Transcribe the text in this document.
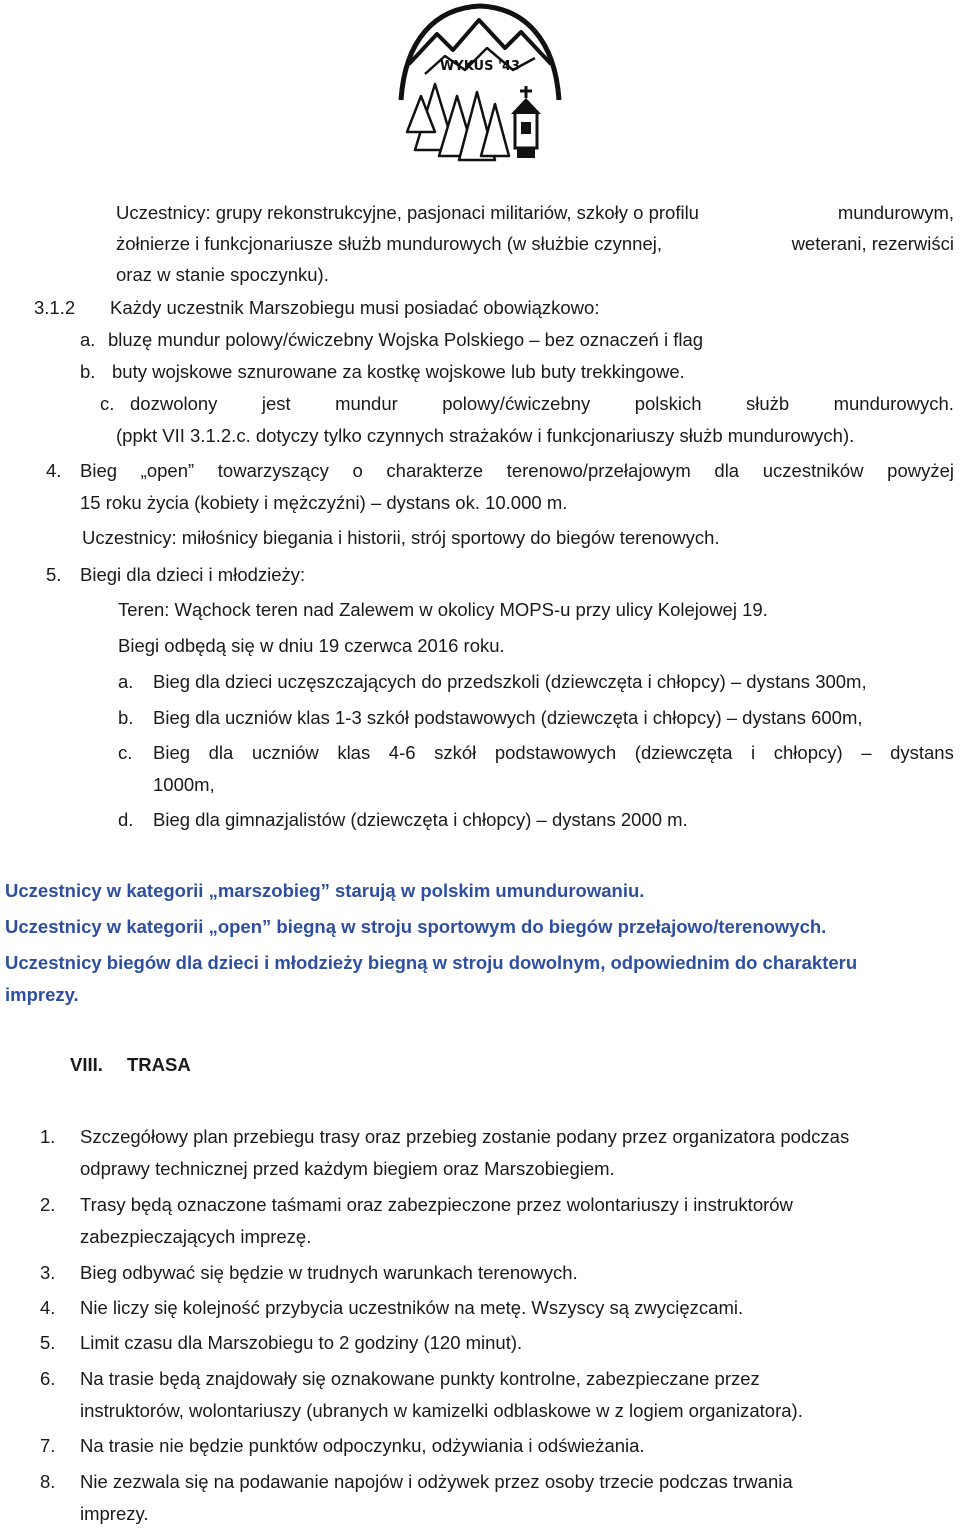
WYKUS '43
Uczestnicy: grupy rekonstrukcyjne, pasjonaci militariów, szkoły o profilu	mundurowym,
żołnierze i funkcjonariusze służb mundurowych (w służbie czynnej,	weterani, rezerwiści
oraz w stanie spoczynku).
3.1.2 Każdy uczestnik Marszobiegu musi posiadać obowiązkowo:
a. bluzę mundur polowy/ćwiczebny Wojska Polskiego – bez oznaczeń i flag
b. buty wojskowe sznurowane za kostkę wojskowe lub buty trekkingowe.
c. dozwolony jest mundur polowy/ćwiczebny polskich służb mundurowych.
(ppkt VII 3.1.2.c. dotyczy tylko czynnych strażaków i funkcjonariuszy służb mundurowych).
4. Bieg „open” towarzyszący o charakterze terenowo/przełajowym dla uczestników powyżej
15 roku życia (kobiety i mężczyźni) – dystans ok. 10.000 m.
Uczestnicy: miłośnicy biegania i historii, strój sportowy do biegów terenowych.
5. Biegi dla dzieci i młodzieży:
Teren: Wąchock teren nad Zalewem w okolicy MOPS-u przy ulicy Kolejowej 19.
Biegi odbędą się w dniu 19 czerwca 2016 roku.
a. Bieg dla dzieci uczęszczających do przedszkoli (dziewczęta i chłopcy) – dystans 300m,
b. Bieg dla uczniów klas 1-3 szkół podstawowych (dziewczęta i chłopcy) – dystans 600m,
c. Bieg dla uczniów klas 4-6 szkół podstawowych (dziewczęta i chłopcy) – dystans
1000m,
d. Bieg dla gimnazjalistów (dziewczęta i chłopcy) – dystans 2000 m.
Uczestnicy w kategorii „marszobieg” starują w polskim umundurowaniu.
Uczestnicy w kategorii „open” biegną w stroju sportowym do biegów przełajowo/terenowych.
Uczestnicy biegów dla dzieci i młodzieży biegną w stroju dowolnym, odpowiednim do charakteru
imprezy.
VIII. TRASA
1. Szczegółowy plan przebiegu trasy oraz przebieg zostanie podany przez organizatora podczas
odprawy technicznej przed każdym biegiem oraz Marszobiegiem.
2. Trasy będą oznaczone taśmami oraz zabezpieczone przez wolontariuszy i instruktorów
zabezpieczających imprezę.
3. Bieg odbywać się będzie w trudnych warunkach terenowych.
4. Nie liczy się kolejność przybycia uczestników na metę. Wszyscy są zwycięzcami.
5. Limit czasu dla Marszobiegu to 2 godziny (120 minut).
6. Na trasie będą znajdowały się oznakowane punkty kontrolne, zabezpieczane przez
instruktorów, wolontariuszy (ubranych w kamizelki odblaskowe w z logiem organizatora).
7. Na trasie nie będzie punktów odpoczynku, odżywiania i odświeżania.
8. Nie zezwala się na podawanie napojów i odżywek przez osoby trzecie podczas trwania
imprezy.
